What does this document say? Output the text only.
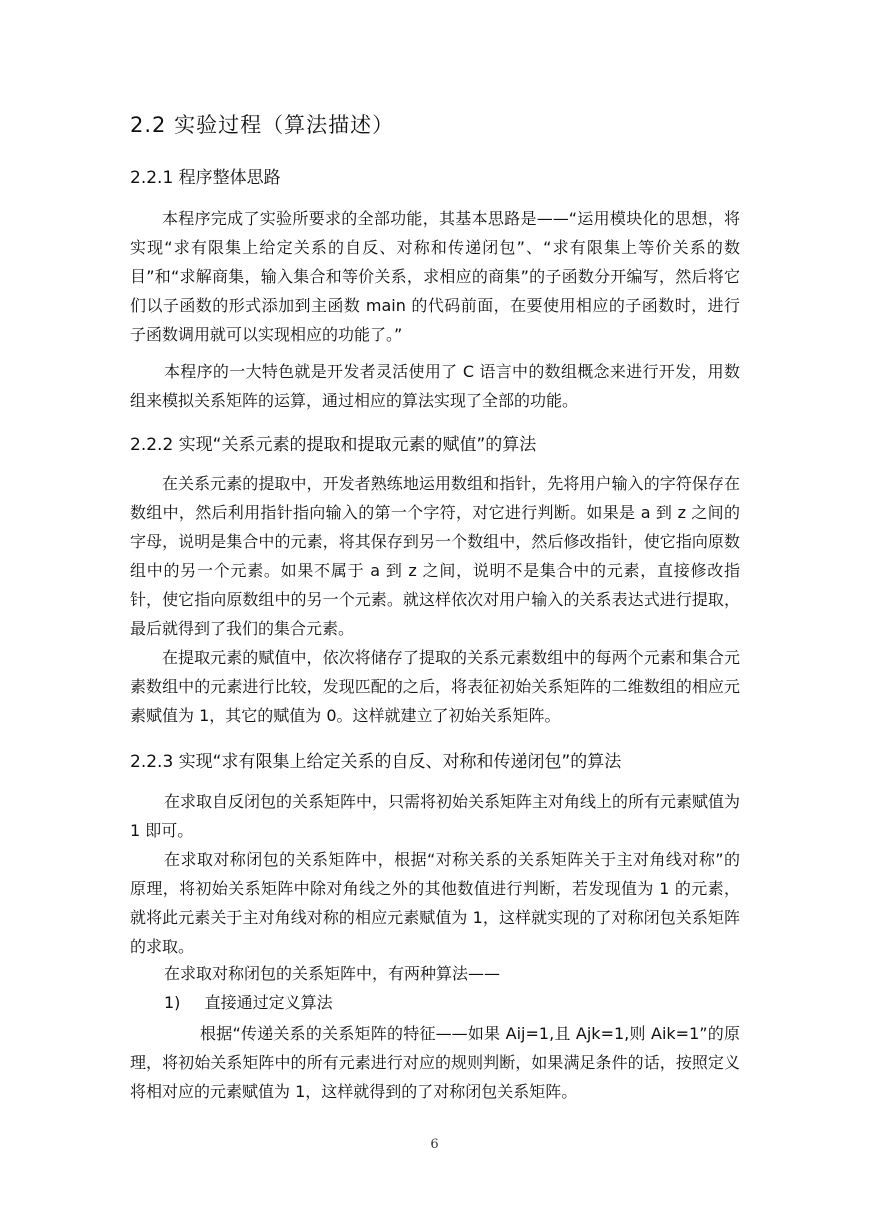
2.2 实验过程（算法描述）
2.2.1 程序整体思路
本程序完成了实验所要求的全部功能，其基本思路是——“运用模块化的思想，将实现“求有限集上给定关系的自反、对称和传递闭包”、“求有限集上等价关系的数目”和“求解商集，输入集合和等价关系，求相应的商集”的子函数分开编写，然后将它们以子函数的形式添加到主函数 main 的代码前面，在要使用相应的子函数时，进行子函数调用就可以实现相应的功能了。”
本程序的一大特色就是开发者灵活使用了 C 语言中的数组概念来进行开发，用数组来模拟关系矩阵的运算，通过相应的算法实现了全部的功能。
2.2.2 实现“关系元素的提取和提取元素的赋值”的算法
在关系元素的提取中，开发者熟练地运用数组和指针，先将用户输入的字符保存在数组中，然后利用指针指向输入的第一个字符，对它进行判断。如果是 a 到 z 之间的字母，说明是集合中的元素，将其保存到另一个数组中，然后修改指针，使它指向原数组中的另一个元素。如果不属于 a 到 z 之间，说明不是集合中的元素，直接修改指针，使它指向原数组中的另一个元素。就这样依次对用户输入的关系表达式进行提取，最后就得到了我们的集合元素。
在提取元素的赋值中，依次将储存了提取的关系元素数组中的每两个元素和集合元素数组中的元素进行比较，发现匹配的之后，将表征初始关系矩阵的二维数组的相应元素赋值为 1，其它的赋值为 0。这样就建立了初始关系矩阵。
2.2.3 实现“求有限集上给定关系的自反、对称和传递闭包”的算法
在求取自反闭包的关系矩阵中，只需将初始关系矩阵主对角线上的所有元素赋值为 1 即可。
在求取对称闭包的关系矩阵中，根据“对称关系的关系矩阵关于主对角线对称”的原理，将初始关系矩阵中除对角线之外的其他数值进行判断，若发现值为 1 的元素，就将此元素关于主对角线对称的相应元素赋值为 1，这样就实现的了对称闭包关系矩阵的求取。
在求取对称闭包的关系矩阵中，有两种算法——
1) 直接通过定义算法
根据“传递关系的关系矩阵的特征——如果 Aij=1,且 Ajk=1,则 Aik=1”的原理，将初始关系矩阵中的所有元素进行对应的规则判断，如果满足条件的话，按照定义将相对应的元素赋值为 1，这样就得到的了对称闭包关系矩阵。
6
